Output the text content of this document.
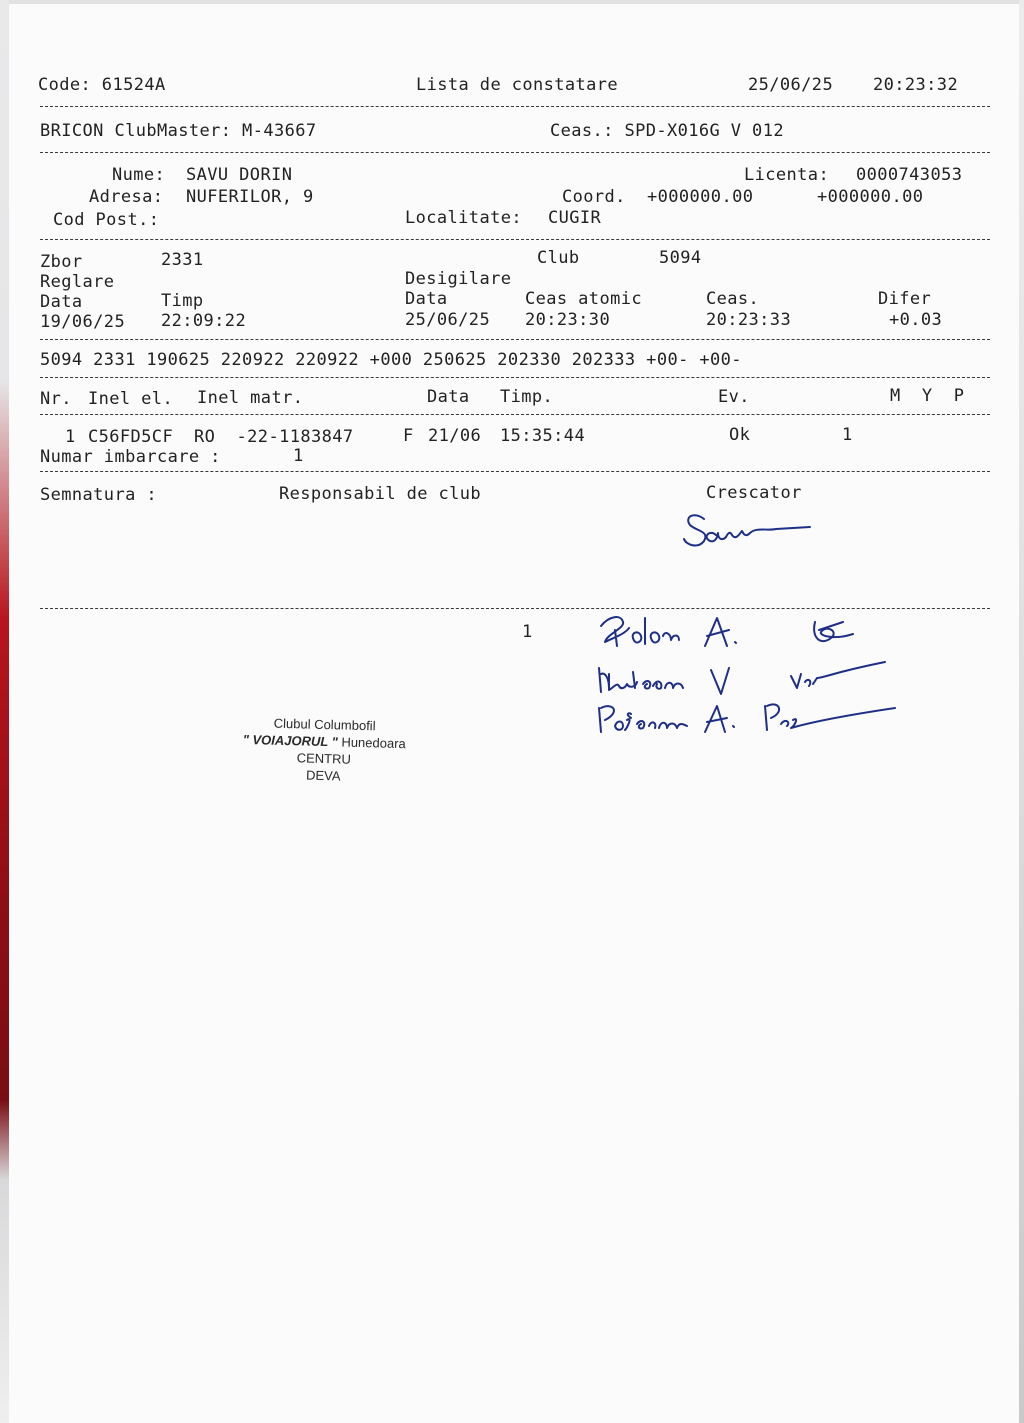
Code: 61524A	Lista de constatare	25/06/25 20:23:32
BRICON ClubMaster: M-43667	Ceas.: SPD-X016G V 012
Nume: SAVU DORIN	Licenta: 0000743053
Adresa: NUFERILOR, 9	Coord. +000000.00	+000000.00
Cod Post.:	Localitate: CUGIR
Zbor	2331	Club	5094
Reglare	Desigilare
Data	Timp	Data	Ceas atomic	Ceas.	Difer
19/06/25 22:09:22	25/06/25 20:23:30	20:23:33	+0.03
5094 2331 190625 220922 220922 +000 250625 202330 202333 +00- +00-
Nr. Inel el. Inel matr.	Data Timp.	Ev.	M  Y  P
1 C56FD5CF RO  -22-1183847	F 21/06 15:35:44	Ok	1
Numar imbarcare :	1
Semnatura :	Responsabil de club	Crescator
1
Clubul Columbofil
" VOIAJORUL " Hunedoara
CENTRU
DEVA
